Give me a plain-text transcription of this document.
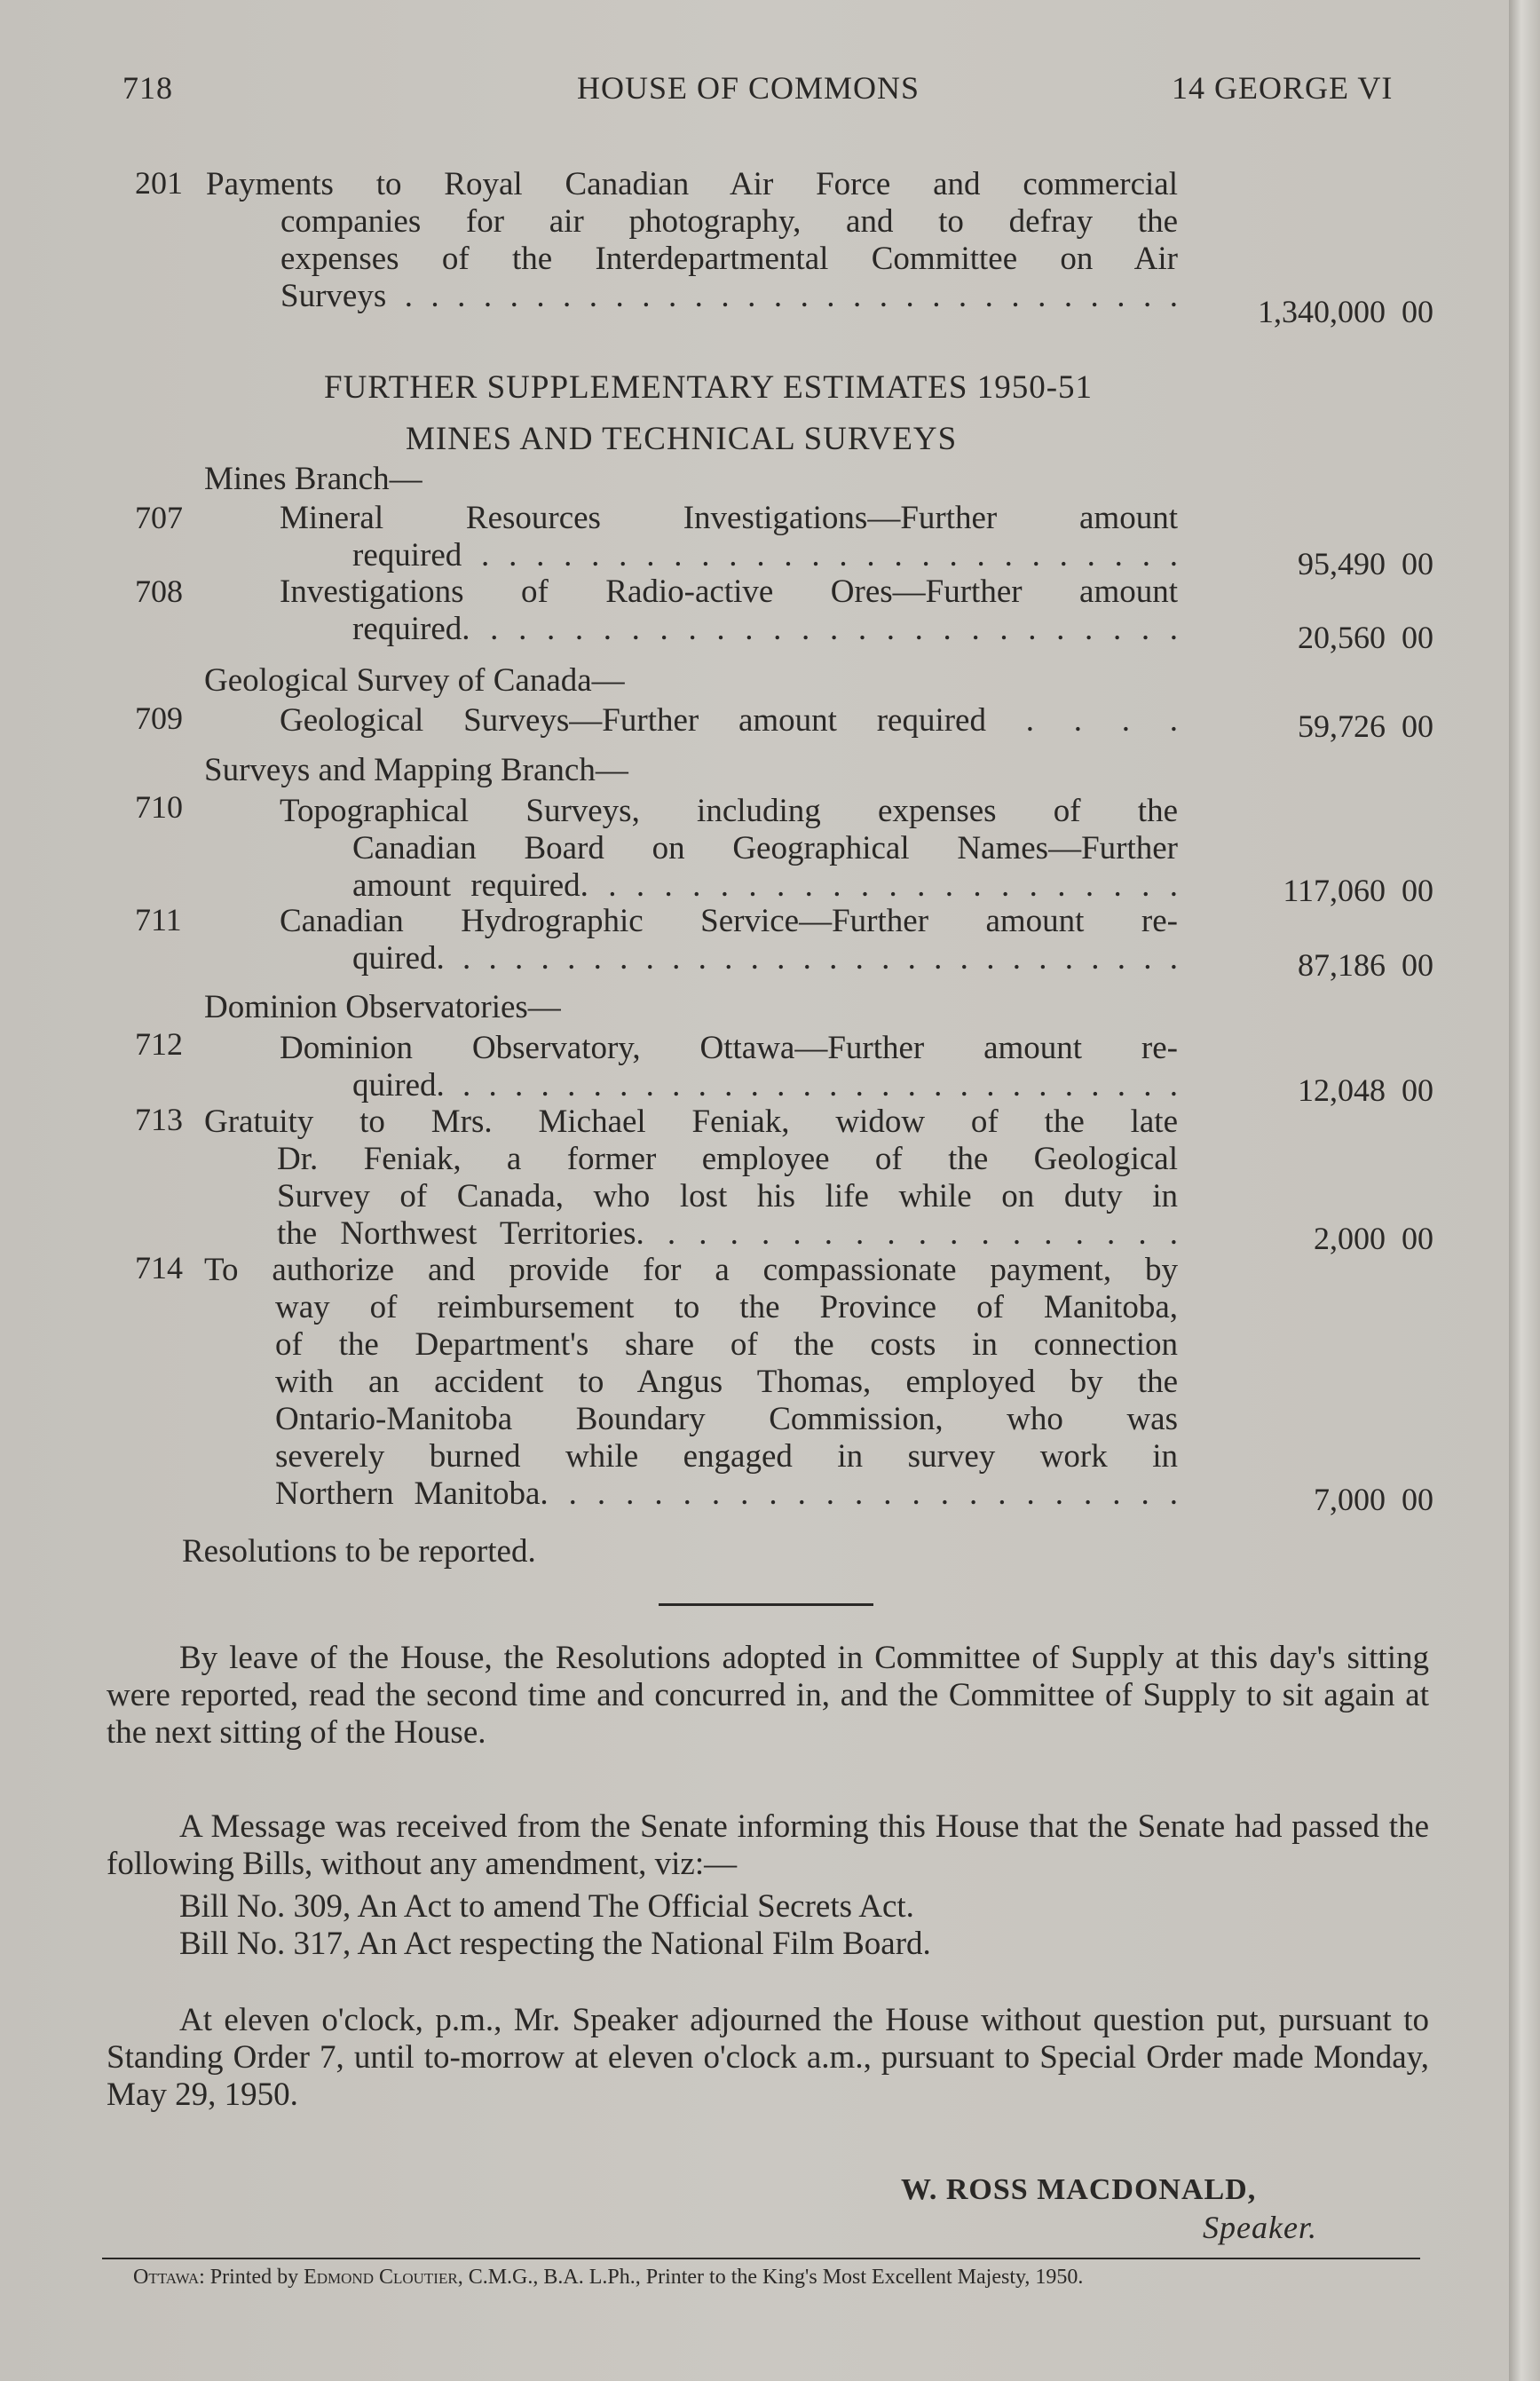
718	HOUSE OF COMMONS	14 GEORGE VI
201 Payments to Royal Canadian Air Force and commercial
companies for air photography, and to defray the
expenses of the Interdepartmental Committee on Air
Surveys . . . . . . . . . . . . . . . . . . . . . . . . . . . . . .	1,340,000 00
FURTHER SUPPLEMENTARY ESTIMATES 1950-51
MINES AND TECHNICAL SURVEYS
Mines Branch—
707	Mineral Resources Investigations—Further amount
required . . . . . . . . . . . . . . . . . . . . . . . . . .	95,490 00
708	Investigations of Radio-active Ores—Further amount
required. . . . . . . . . . . . . . . . . . . . . . . . . .	20,560 00
Geological Survey of Canada—
709	Geological Surveys—Further amount required . . . .	59,726 00
Surveys and Mapping Branch—
710	Topographical Surveys, including expenses of the
Canadian Board on Geographical Names—Further
amount required. . . . . . . . . . . . . . . . . . . . . .	117,060 00
711	Canadian Hydrographic Service—Further amount re-
quired. . . . . . . . . . . . . . . . . . . . . . . . . . . . .	87,186 00
Dominion Observatories—
712	Dominion Observatory, Ottawa—Further amount re-
quired. . . . . . . . . . . . . . . . . . . . . . . . . . . . .	12,048 00
713 Gratuity to Mrs. Michael Feniak, widow of the late
Dr. Feniak, a former employee of the Geological
Survey of Canada, who lost his life while on duty in
the Northwest Territories. . . . . . . . . . . . . . . . . .	2,000 00
714 To authorize and provide for a compassionate payment, by
way of reimbursement to the Province of Manitoba,
of the Department's share of the costs in connection
with an accident to Angus Thomas, employed by the
Ontario-Manitoba Boundary Commission, who was
severely burned while engaged in survey work in
Northern Manitoba. . . . . . . . . . . . . . . . . . . . . . .	7,000 00
Resolutions to be reported.
By leave of the House, the Resolutions adopted in Committee of Supply at this day's sitting were reported, read the second time and concurred in, and the Committee of Supply to sit again at the next sitting of the House.
A Message was received from the Senate informing this House that the Senate had passed the following Bills, without any amendment, viz:—
Bill No. 309, An Act to amend The Official Secrets Act.
Bill No. 317, An Act respecting the National Film Board.
At eleven o'clock, p.m., Mr. Speaker adjourned the House without question put, pursuant to Standing Order 7, until to-morrow at eleven o'clock a.m., pursuant to Special Order made Monday, May 29, 1950.
W. ROSS MACDONALD,
Speaker.
Ottawa: Printed by Edmond Cloutier, C.M.G., B.A. L.Ph., Printer to the King's Most Excellent Majesty, 1950.
